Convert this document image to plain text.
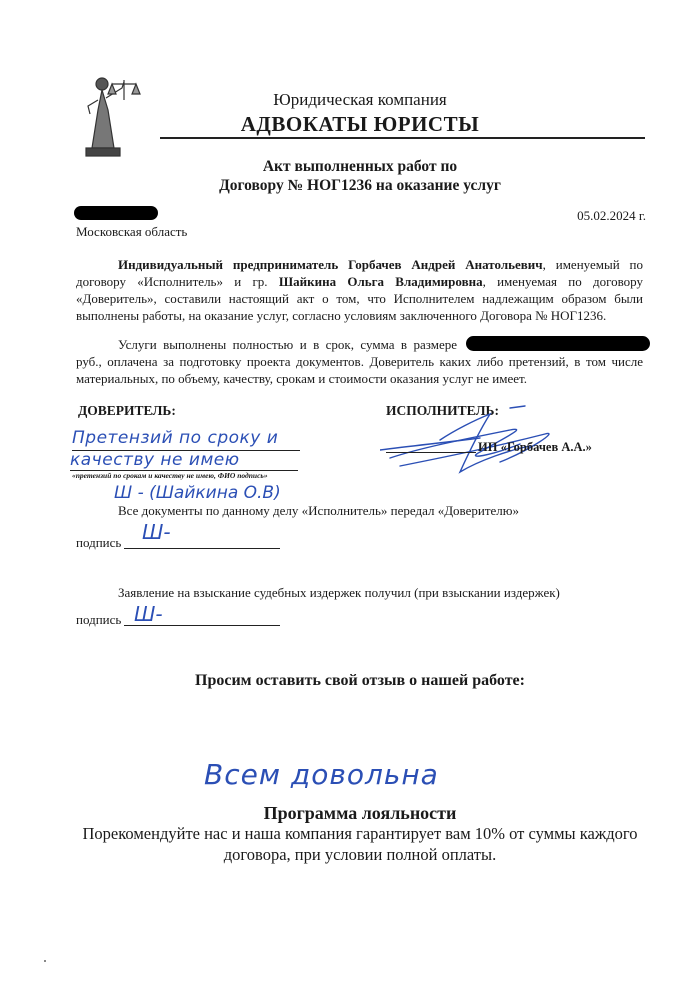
Юридическая компания
АДВОКАТЫ ЮРИСТЫ
Акт выполненных работ по
Договору № НОГ1236 на оказание услуг
05.02.2024 г.
Московская область
Индивидуальный предприниматель Горбачев Андрей Анатольевич, именуемый по договору «Исполнитель» и гр. Шайкина Ольга Владимировна, именуемая по договору «Доверитель», составили настоящий акт о том, что Исполнителем надлежащим образом были выполнены работы, на оказание услуг, согласно условиям заключенного Договора № НОГ1236.
Услуги выполнены полностью и в срок, сумма в размере руб., оплачена за подготовку проекта документов. Доверитель каких либо претензий, в том числе материальных, по объему, качеству, срокам и стоимости оказания услуг не имеет.
ДОВЕРИТЕЛЬ:	ИСПОЛНИТЕЛЬ:
ИП «Горбачев А.А.»
Претензий по сроку и
качеству не имею
«претензий по срокам и качеству не имею, ФИО подпись»
Ш - (Шайкина О.В)
Все документы по данному делу «Исполнитель» передал «Доверителю»
подпись Ш-
Заявление на взыскание судебных издержек получил (при взыскании издержек)
подпись Ш-
Просим оставить свой отзыв о нашей работе:
Всем довольна
Программа лояльности
Порекомендуйте нас и наша компания гарантирует вам 10% от суммы каждого договора, при условии полной оплаты.
